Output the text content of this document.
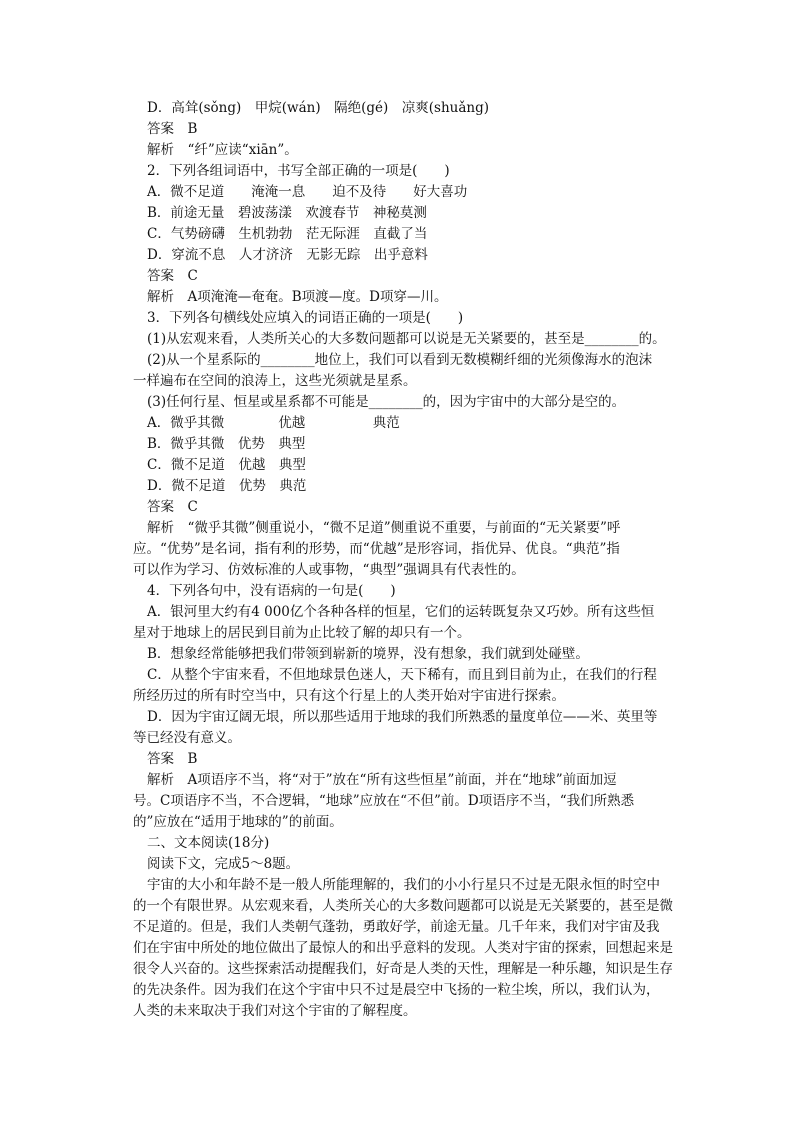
D．高耸(sǒng)　甲烷(wán)　隔绝(gé)　凉爽(shuǎng)
答案　B
解析　“纤”应读“xiān”。
2．下列各组词语中，书写全部正确的一项是(　　)
A．微不足道　　淹淹一息　　迫不及待　　好大喜功
B．前途无量　碧波荡漾　欢渡春节　神秘莫测
C．气势磅礴　生机勃勃　茫无际涯　直截了当
D．穿流不息　人才济济　无影无踪　出乎意料
答案　C
解析　A项淹淹—奄奄。B项渡—度。D项穿—川。
3．下列各句横线处应填入的词语正确的一项是(　　)
(1)从宏观来看，人类所关心的大多数问题都可以说是无关紧要的，甚至是________的。
(2)从一个星系际的________地位上，我们可以看到无数模糊纤细的光须像海水的泡沫
一样遍布在空间的浪涛上，这些光须就是星系。
(3)任何行星、恒星或星系都不可能是________的，因为宇宙中的大部分是空的。
A．微乎其微　　　　优越　　　　　典范
B．微乎其微　优势　典型
C．微不足道　优越　典型
D．微不足道　优势　典范
答案　C
解析　“微乎其微”侧重说小，“微不足道”侧重说不重要，与前面的“无关紧要”呼
应。“优势”是名词，指有利的形势，而“优越”是形容词，指优异、优良。“典范”指
可以作为学习、仿效标准的人或事物，“典型”强调具有代表性的。
4．下列各句中，没有语病的一句是(　　)
A．银河里大约有4 000亿个各种各样的恒星，它们的运转既复杂又巧妙。所有这些恒
星对于地球上的居民到目前为止比较了解的却只有一个。
B．想象经常能够把我们带领到崭新的境界，没有想象，我们就到处碰壁。
C．从整个宇宙来看，不但地球景色迷人，天下稀有，而且到目前为止，在我们的行程
所经历过的所有时空当中，只有这个行星上的人类开始对宇宙进行探索。
D．因为宇宙辽阔无垠，所以那些适用于地球的我们所熟悉的量度单位——米、英里等
等已经没有意义。
答案　B
解析　A项语序不当，将“对于”放在“所有这些恒星”前面，并在“地球”前面加逗
号。C项语序不当，不合逻辑，“地球”应放在“不但”前。D项语序不当，“我们所熟悉
的”应放在“适用于地球的”的前面。
二、文本阅读(18分)
阅读下文，完成5～8题。
宇宙的大小和年龄不是一般人所能理解的，我们的小小行星只不过是无限永恒的时空中
的一个有限世界。从宏观来看，人类所关心的大多数问题都可以说是无关紧要的，甚至是微
不足道的。但是，我们人类朝气蓬勃，勇敢好学，前途无量。几千年来，我们对宇宙及我
们在宇宙中所处的地位做出了最惊人的和出乎意料的发现。人类对宇宙的探索，回想起来是
很令人兴奋的。这些探索活动提醒我们，好奇是人类的天性，理解是一种乐趣，知识是生存
的先决条件。因为我们在这个宇宙中只不过是晨空中飞扬的一粒尘埃，所以，我们认为，
人类的未来取决于我们对这个宇宙的了解程度。
